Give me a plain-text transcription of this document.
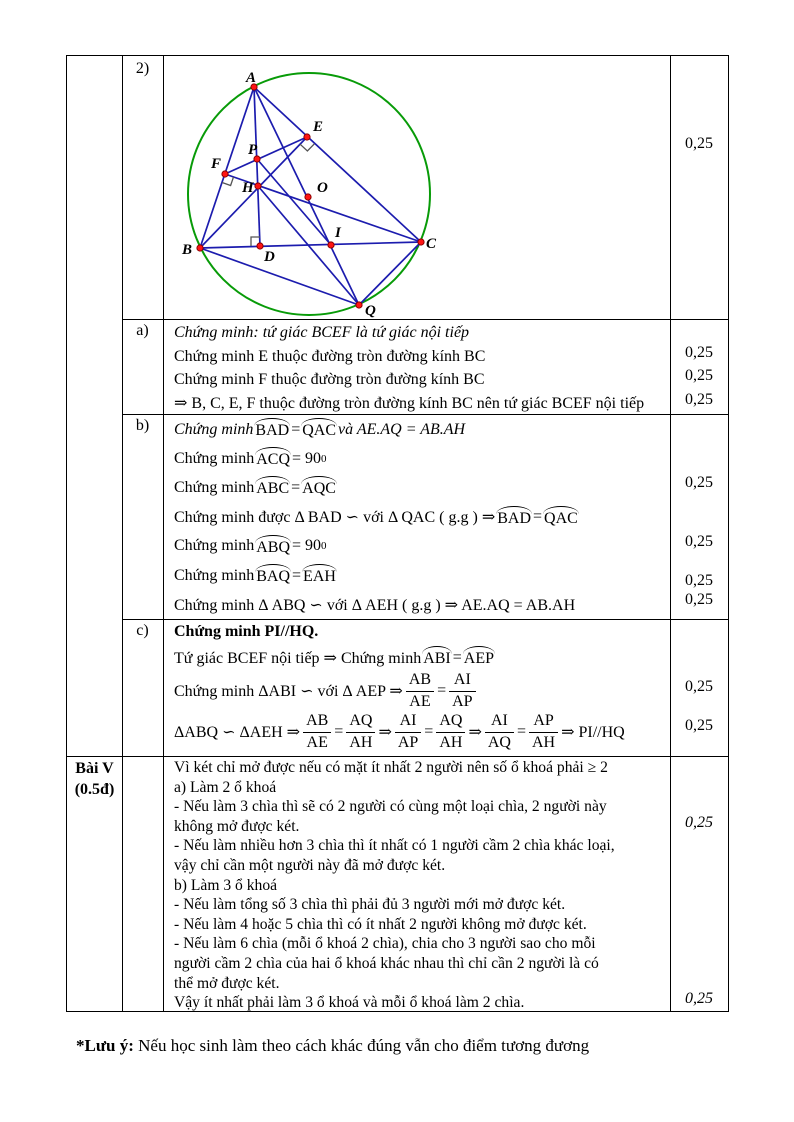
2)
a)
b)
c)
Bài V
(0.5đ)
A
E
P
F
H	O
I
B	D
C
Q
Chứng minh: tứ giác BCEF là tứ giác nội tiếp
Chứng minh E thuộc đường tròn đường kính BC
Chứng minh F thuộc đường tròn đường kính BC
⇒ B, C, E, F thuộc đường tròn đường kính BC nên tứ giác BCEF nội tiếp
Chứng minh BAD = QAC và AE.AQ = AB.AH
Chứng minh ACQ = 90 0
Chứng minh ABC = AQC
Chứng minh được Δ BAD ∽ với Δ QAC ( g.g ) ⇒ BAD = QAC
Chứng minh ABQ = 90 0
Chứng minh BAQ = EAH
Chứng minh Δ ABQ ∽ với Δ AEH ( g.g ) ⇒ AE.AQ = AB.AH
Chứng minh PI//HQ.
Tứ giác BCEF nội tiếp ⇒ Chứng minh ABI = AEP
Chứng minh ΔABI ∽ với Δ AEP ⇒ $\frac{AB}{AE} = \frac{AI}{AP}$
ΔABQ ∽ ΔAEH ⇒ $\frac{AB}{AE} = \frac{AQ}{AH}$ ⇒ $\frac{AI}{AP} = \frac{AQ}{AH}$ ⇒ $\frac{AI}{AQ} = \frac{AP}{AH}$ ⇒ PI//HQ
Vì két chỉ mở được nếu có mặt ít nhất 2 người nên số ổ khoá phải ≥ 2
a) Làm 2 ổ khoá
- Nếu làm 3 chìa thì sẽ có 2 người có cùng một loại chìa, 2 người này
không mở được két.
- Nếu làm nhiều hơn 3 chìa thì ít nhất có 1 người cầm 2 chìa khác loại,
vậy chỉ cần một người này đã mở được két.
b) Làm 3 ổ khoá
- Nếu làm tổng số 3 chìa thì phải đủ 3 người mới mở được két.
- Nếu làm 4 hoặc 5 chìa thì có ít nhất 2 người không mở được két.
- Nếu làm 6 chìa (mỗi ổ khoá 2 chìa), chia cho 3 người sao cho mỗi
người cầm 2 chìa của hai ổ khoá khác nhau thì chỉ cần 2 người là có
thể mở được két.
Vậy ít nhất phải làm 3 ổ khoá và mỗi ổ khoá làm 2 chìa.
0,25
0,25
0,25
0,25
0,25
0,25
0,25
0,25
0,25
0,25
0,25
0,25
*Lưu ý: Nếu học sinh làm theo cách khác đúng vẫn cho điểm tương đương
